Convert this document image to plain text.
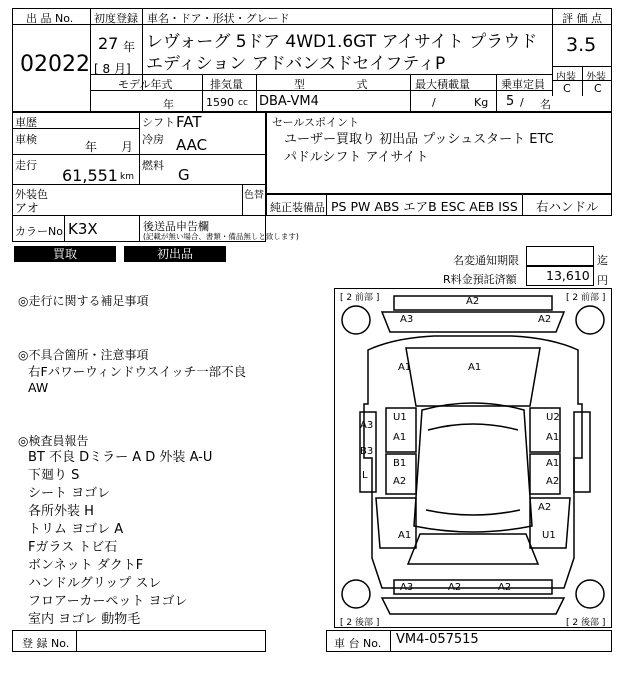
出 品 No.
02022
初度登録
27 年
[ 8 月]
車名・ドア・形状・グレード
レヴォーグ 5ドア 4WD1.6GT アイサイト プラウド
エディション アドバンスドセイフティP
評 価 点
3.5
内装 外装
C C
モデル年式
年
排気量
1590 cc
型 式
DBA-VM4
最大積載量
/	Kg
乗車定員
5 / 名
車歴
車検
年 月
走行
61,551 km
シフト FAT
冷房 AAC
燃料
G
外装色
アオ
色替
カラーNo. K3X	後送品申告欄
(記載が無い場合、書類・備品無しと致します)
セールスポイント
ユーザー買取り 初出品 プッシュスタート ETC
パドルシフト アイサイト
純正装備品 PS PW ABS エアB ESC AEB ISS 右ハンドル
買取	初出品	名変通知期限	迄
R料金預託済額 13,610 円
◎走行に関する補足事項
◎不具合箇所・注意事項
右Fパワーウィンドウスイッチ一部不良
AW
◎検査員報告
BT 不良 Dミラー A D 外装 A-U
下廻り S
シート ヨゴレ
各所外装 H
トリム ヨゴレ A
Fガラス トビ石
ボンネット ダクトF
ハンドルグリップ スレ
フロアーカーペット ヨゴレ
室内 ヨゴレ 動物毛
[ 2 前部 ]	[ 2 前部 ]
[ 2 後部 ]	[ 2 後部 ]
A2
A3	A2
A1	A1
A3
B3
L
U1
A1
B1
A2
U2
A1
A1
A2
A1
A2
U1
A3	A2	A2
登 録 No.	車 台 No. VM4-057515
